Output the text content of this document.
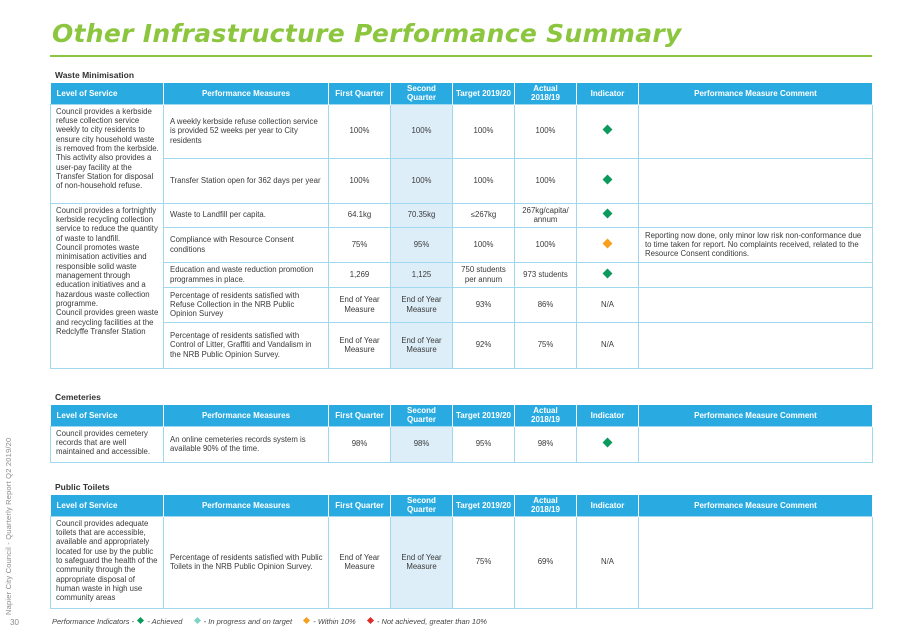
Other Infrastructure Performance Summary
Napier City Council - Quarterly Report Q2 2019/20
30
Waste Minimisation
Level of Service	Performance Measures	First Quarter	Second Quarter	Target 2019/20	Actual 2018/19	Indicator	Performance Measure Comment
Council provides a kerbside refuse collection service weekly to city residents to ensure city household waste is removed from the kerbside.
This activity also provides a user-pay facility at the Transfer Station for disposal of non-household refuse.	A weekly kerbside refuse collection service is provided 52 weeks per year to City residents	100%	100%	100%	100%		
	Transfer Station open for 362 days per year	100%	100%	100%	100%		
Council provides a fortnightly kerbside recycling collection service to reduce the quantity of waste to landfill.
Council promotes waste minimisation activities and responsible solid waste management through education initiatives and a hazardous waste collection programme.
Council provides green waste and recycling facilities at the Redclyffe Transfer Station	Waste to Landfill per capita.	64.1kg	70.35kg	≤267kg	267kg/capita/ annum		
	Compliance with Resource Consent conditions	75%	95%	100%	100%		Reporting now done, only minor low risk non-conformance due to time taken for report. No complaints received, related to the Resource Consent conditions.
	Education and waste reduction promotion programmes in place.	1,269	1,125	750 students per annum	973 students		
	Percentage of residents satisfied with Refuse Collection in the NRB Public Opinion Survey	End of Year Measure	End of Year Measure	93%	86%	N/A	
	Percentage of residents satisfied with Control of Litter, Graffiti and Vandalism in the NRB Public Opinion Survey.	End of Year Measure	End of Year Measure	92%	75%	N/A	
Cemeteries
Level of Service	Performance Measures	First Quarter	Second Quarter	Target 2019/20	Actual 2018/19	Indicator	Performance Measure Comment
Council provides cemetery records that are well maintained and accessible.	An online cemeteries records system is available 90% of the time.	98%	98%	95%	98%		
Public Toilets
Level of Service	Performance Measures	First Quarter	Second Quarter	Target 2019/20	Actual 2018/19	Indicator	Performance Measure Comment
Council provides adequate toilets that are accessible, available and appropriately located for use by the public to safeguard the health of the community through the appropriate disposal of human waste in high use community areas	Percentage of residents satisfied with Public Toilets in the NRB Public Opinion Survey.	End of Year Measure	End of Year Measure	75%	69%	N/A	
Performance Indicators - - Achieved	- In progress and on target	- Within 10%	- Not achieved, greater than 10%
